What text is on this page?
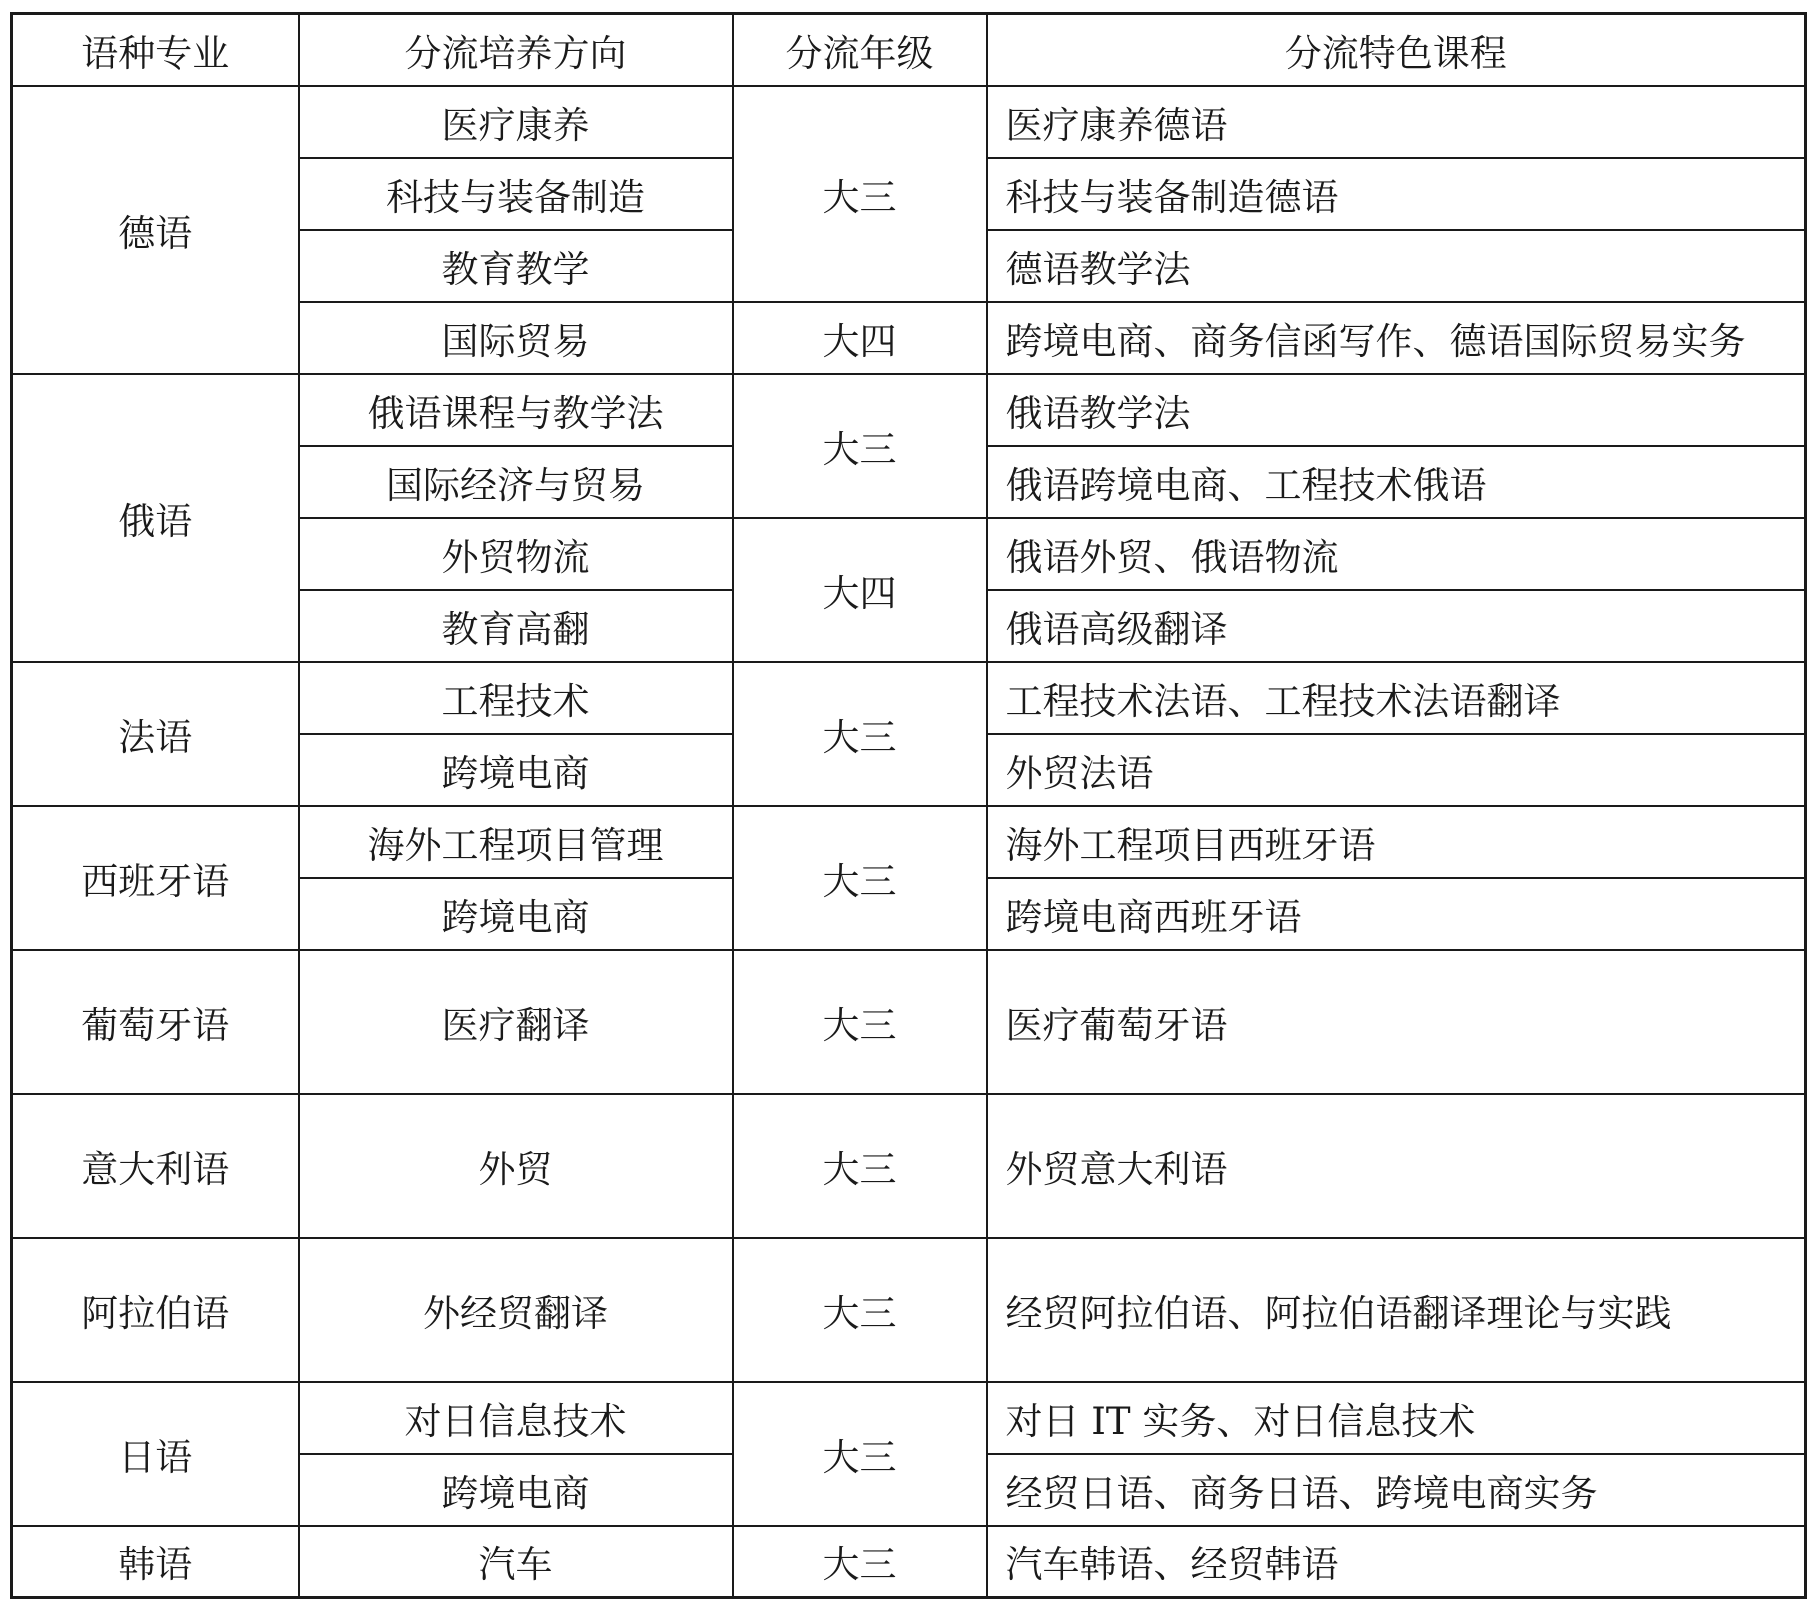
语种专业	分流培养方向	分流年级	分流特色课程
德语	医疗康养	大三	医疗康养德语
	科技与装备制造		科技与装备制造德语
	教育教学		德语教学法
	国际贸易	大四	跨境电商、商务信函写作、德语国际贸易实务
俄语	俄语课程与教学法	大三	俄语教学法
	国际经济与贸易		俄语跨境电商、工程技术俄语
	外贸物流	大四	俄语外贸、俄语物流
	教育高翻		俄语高级翻译
法语	工程技术	大三	工程技术法语、工程技术法语翻译
	跨境电商		外贸法语
西班牙语	海外工程项目管理	大三	海外工程项目西班牙语
	跨境电商		跨境电商西班牙语
葡萄牙语	医疗翻译	大三	医疗葡萄牙语
意大利语	外贸	大三	外贸意大利语
阿拉伯语	外经贸翻译	大三	经贸阿拉伯语、阿拉伯语翻译理论与实践
日语	对日信息技术	大三	对日 IT 实务、对日信息技术
	跨境电商		经贸日语、商务日语、跨境电商实务
韩语	汽车	大三	汽车韩语、经贸韩语
